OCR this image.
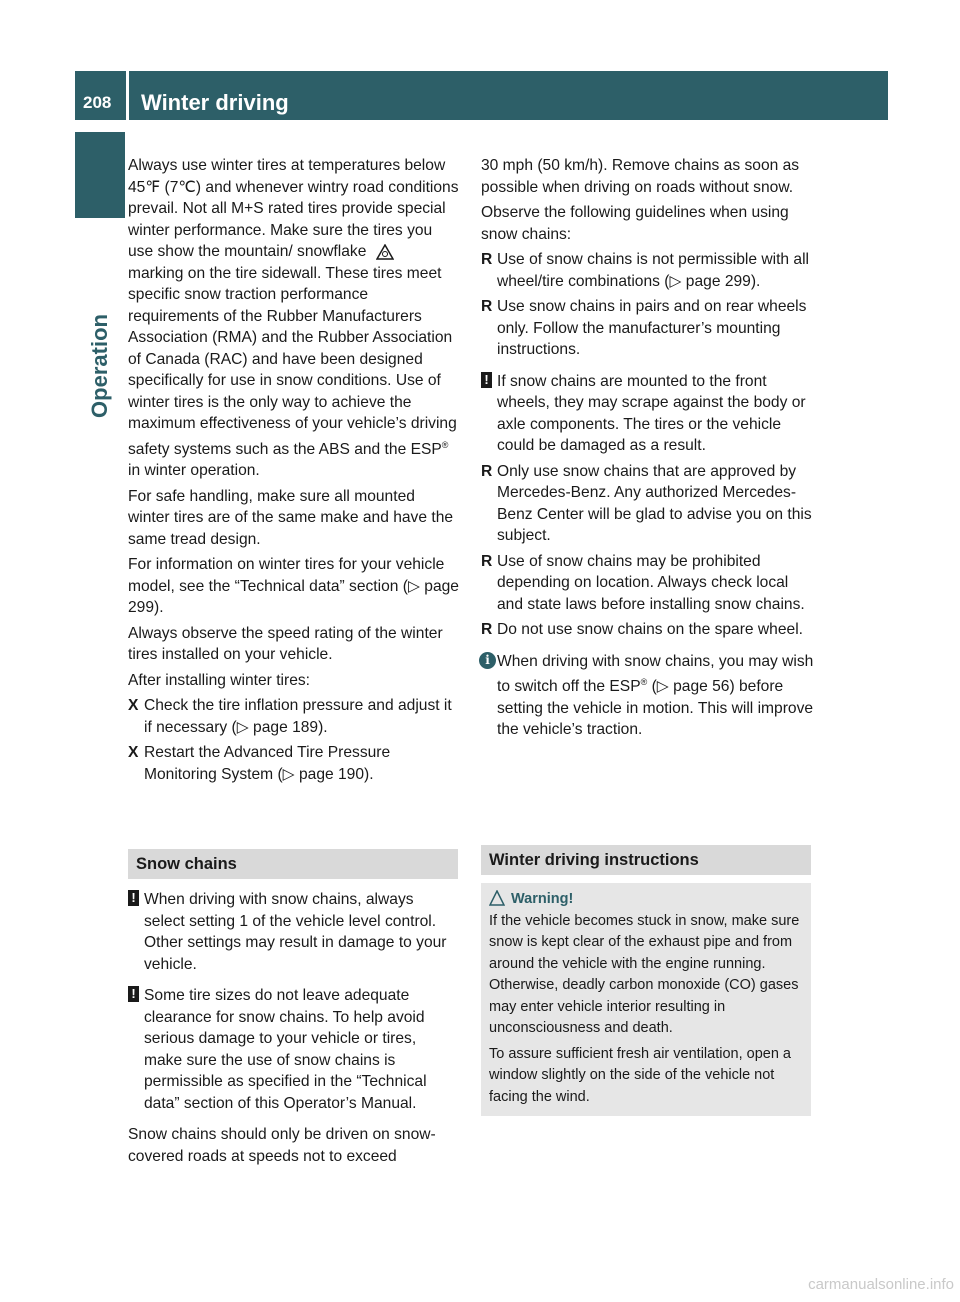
208 Winter driving
Operation

Always use winter tires at temperatures below 45℉ (7℃) and whenever wintry road conditions prevail. Not all M+S rated tires provide special winter performance. Make sure the tires you use show the mountain/ snowflakemarking on the tire sidewall. These tires meet specific snow traction performance requirements of the Rubber Manufacturers Association (RMA) and the Rubber Association of Canada (RAC) and have been designed specifically for use in snow conditions. Use of winter tires is the only way to achieve the maximum effectiveness of your vehicle’s driving safety systems such as the ABS and the ESP® in winter operation.

For safe handling, make sure all mounted winter tires are of the same make and have the same tread design.

For information on winter tires for your vehicle model, see the “Technical data” section (▷ page 299).

Always observe the speed rating of the winter tires installed on your vehicle.

After installing winter tires:

X Check the tire inflation pressure and adjust it if necessary (▷ page 189).
X Restart the Advanced Tire Pressure Monitoring System (▷ page 190).
Snow chains
! When driving with snow chains, always select setting 1 of the vehicle level control. Other settings may result in damage to your vehicle.
! Some tire sizes do not leave adequate clearance for snow chains. To help avoid serious damage to your vehicle or tires, make sure the use of snow chains is permissible as specified in the “Technical data” section of this Operator’s Manual.

Snow chains should only be driven on snow-covered roads at speeds not to exceed

30 mph (50 km/h). Remove chains as soon as possible when driving on roads without snow.

Observe the following guidelines when using snow chains:

R Use of snow chains is not permissible with all wheel/tire combinations (▷ page 299).
R Use snow chains in pairs and on rear wheels only. Follow the manufacturer’s mounting instructions.
! If snow chains are mounted to the front wheels, they may scrape against the body or axle components. The tires or the vehicle could be damaged as a result.
R Only use snow chains that are approved by Mercedes-Benz. Any authorized Mercedes-Benz Center will be glad to advise you on this subject.
R Use of snow chains may be prohibited depending on location. Always check local and state laws before installing snow chains.
R Do not use snow chains on the spare wheel.
i When driving with snow chains, you may wish to switch off the ESP® (▷ page 56) before setting the vehicle in motion. This will improve the vehicle’s traction.
Winter driving instructions
Warning!
If the vehicle becomes stuck in snow, make sure snow is kept clear of the exhaust pipe and from around the vehicle with the engine running. Otherwise, deadly carbon monoxide (CO) gases may enter vehicle interior resulting in unconsciousness and death.
To assure sufficient fresh air ventilation, open a window slightly on the side of the vehicle not facing the wind.
carmanualsonline.info
